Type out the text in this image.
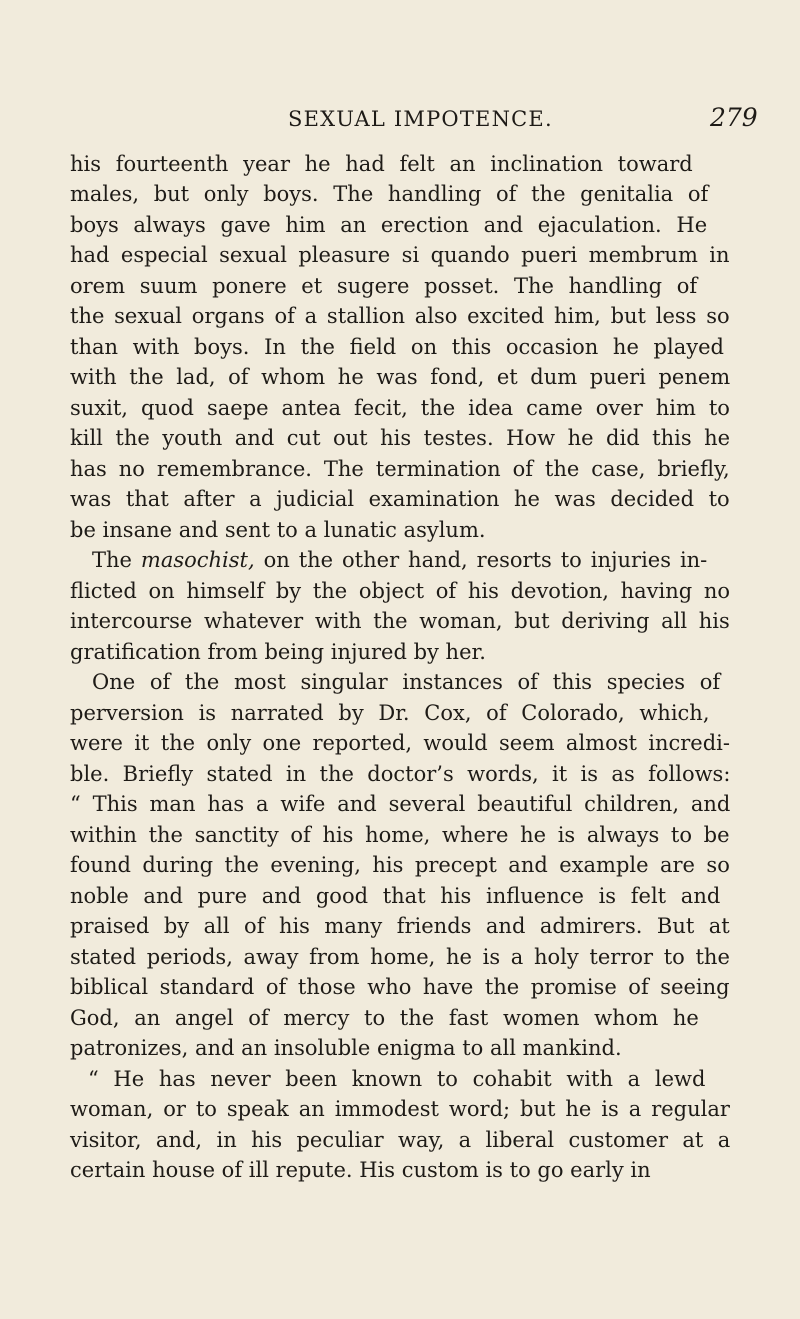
SEXUAL IMPOTENCE.	279
his fourteenth year he had felt an inclination toward
males, but only boys. The handling of the genitalia of
boys always gave him an erection and ejaculation. He
had especial sexual pleasure si quando pueri membrum in
orem suum ponere et sugere posset. The handling of
the sexual organs of a stallion also excited him, but less so
than with boys. In the field on this occasion he played
with the lad, of whom he was fond, et dum pueri penem
suxit, quod saepe antea fecit, the idea came over him to
kill the youth and cut out his testes. How he did this he
has no remembrance. The termination of the case, briefly,
was that after a judicial examination he was decided to
be insane and sent to a lunatic asylum.
The masochist, on the other hand, resorts to injuries in-
flicted on himself by the object of his devotion, having no
intercourse whatever with the woman, but deriving all his
gratification from being injured by her.
One of the most singular instances of this species of
perversion is narrated by Dr. Cox, of Colorado, which,
were it the only one reported, would seem almost incredi-
ble. Briefly stated in the doctor’s words, it is as follows:
“ This man has a wife and several beautiful children, and
within the sanctity of his home, where he is always to be
found during the evening, his precept and example are so
noble and pure and good that his influence is felt and
praised by all of his many friends and admirers. But at
stated periods, away from home, he is a holy terror to the
biblical standard of those who have the promise of seeing
God, an angel of mercy to the fast women whom he
patronizes, and an insoluble enigma to all mankind.
“ He has never been known to cohabit with a lewd
woman, or to speak an immodest word; but he is a regular
visitor, and, in his peculiar way, a liberal customer at a
certain house of ill repute. His custom is to go early in
